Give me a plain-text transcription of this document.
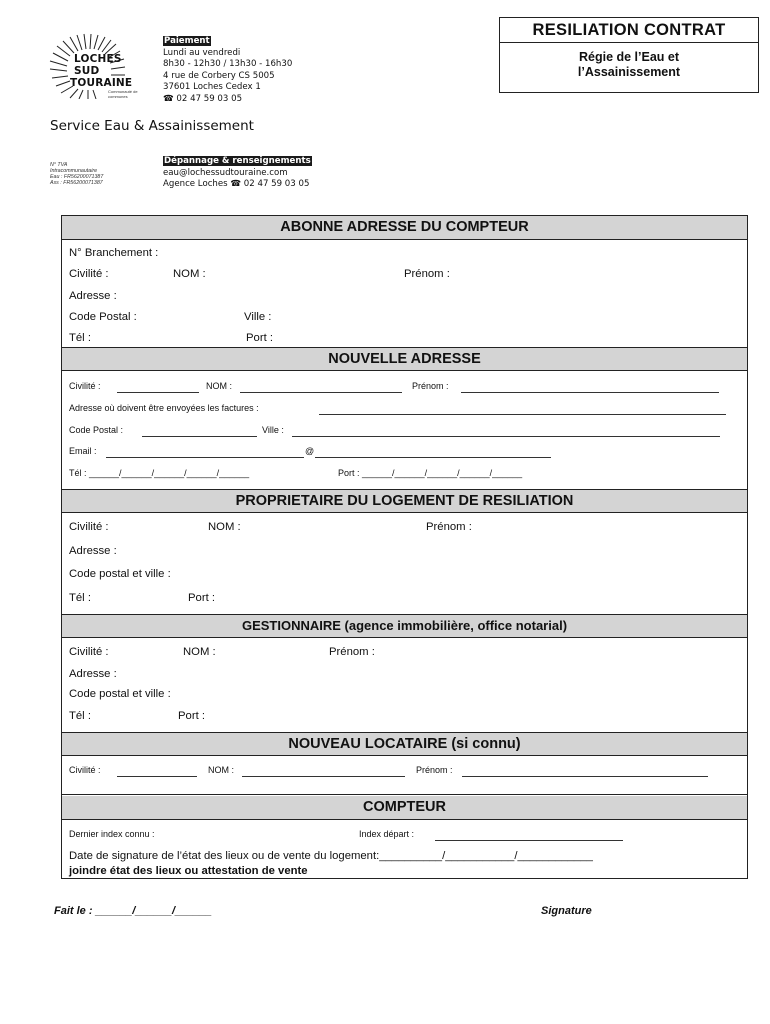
LOCHES
SUD
TOURAINE
Communauté de communes
Paiement
Lundi au vendredi
8h30 - 12h30 / 13h30 - 16h30
4 rue de Corbery CS 5005
37601 Loches Cedex 1
☎ 02 47 59 03 05
Service Eau & Assainissement
N° TVA
Intracommunautaire
Eau : FR56200071387
Ass : FR56200071387
Dépannage & renseignements
eau@lochessudtouraine.com
Agence Loches ☎ 02 47 59 03 05
RESILIATION CONTRAT
Régie de l’Eau et
l’Assainissement
ABONNE ADRESSE DU COMPTEUR
N° Branchement :
Civilité :	NOM :	Prénom :
Adresse :
Code Postal :	Ville :
Tél :	Port :
NOUVELLE ADRESSE
Civilité :	NOM :	Prénom :
Adresse où doivent être envoyées les factures :
Code Postal :	Ville :
Email :	@
Tél : ______/______/______/______/______	Port : ______/______/______/______/______
PROPRIETAIRE DU LOGEMENT DE RESILIATION
Civilité :	NOM :	Prénom :
Adresse :
Code postal et ville :
Tél :	Port :
GESTIONNAIRE (agence immobilière, office notarial)
Civilité :	NOM :	Prénom :
Adresse :
Code postal et ville :
Tél :	Port :
NOUVEAU LOCATAIRE (si connu)
Civilité :	NOM :	Prénom :
COMPTEUR
Dernier index connu :	Index départ :
Date de signature de l’état des lieux ou de vente du logement:__________/___________/____________
joindre état des lieux ou attestation de vente
Fait le : ______/______/______	Signature
